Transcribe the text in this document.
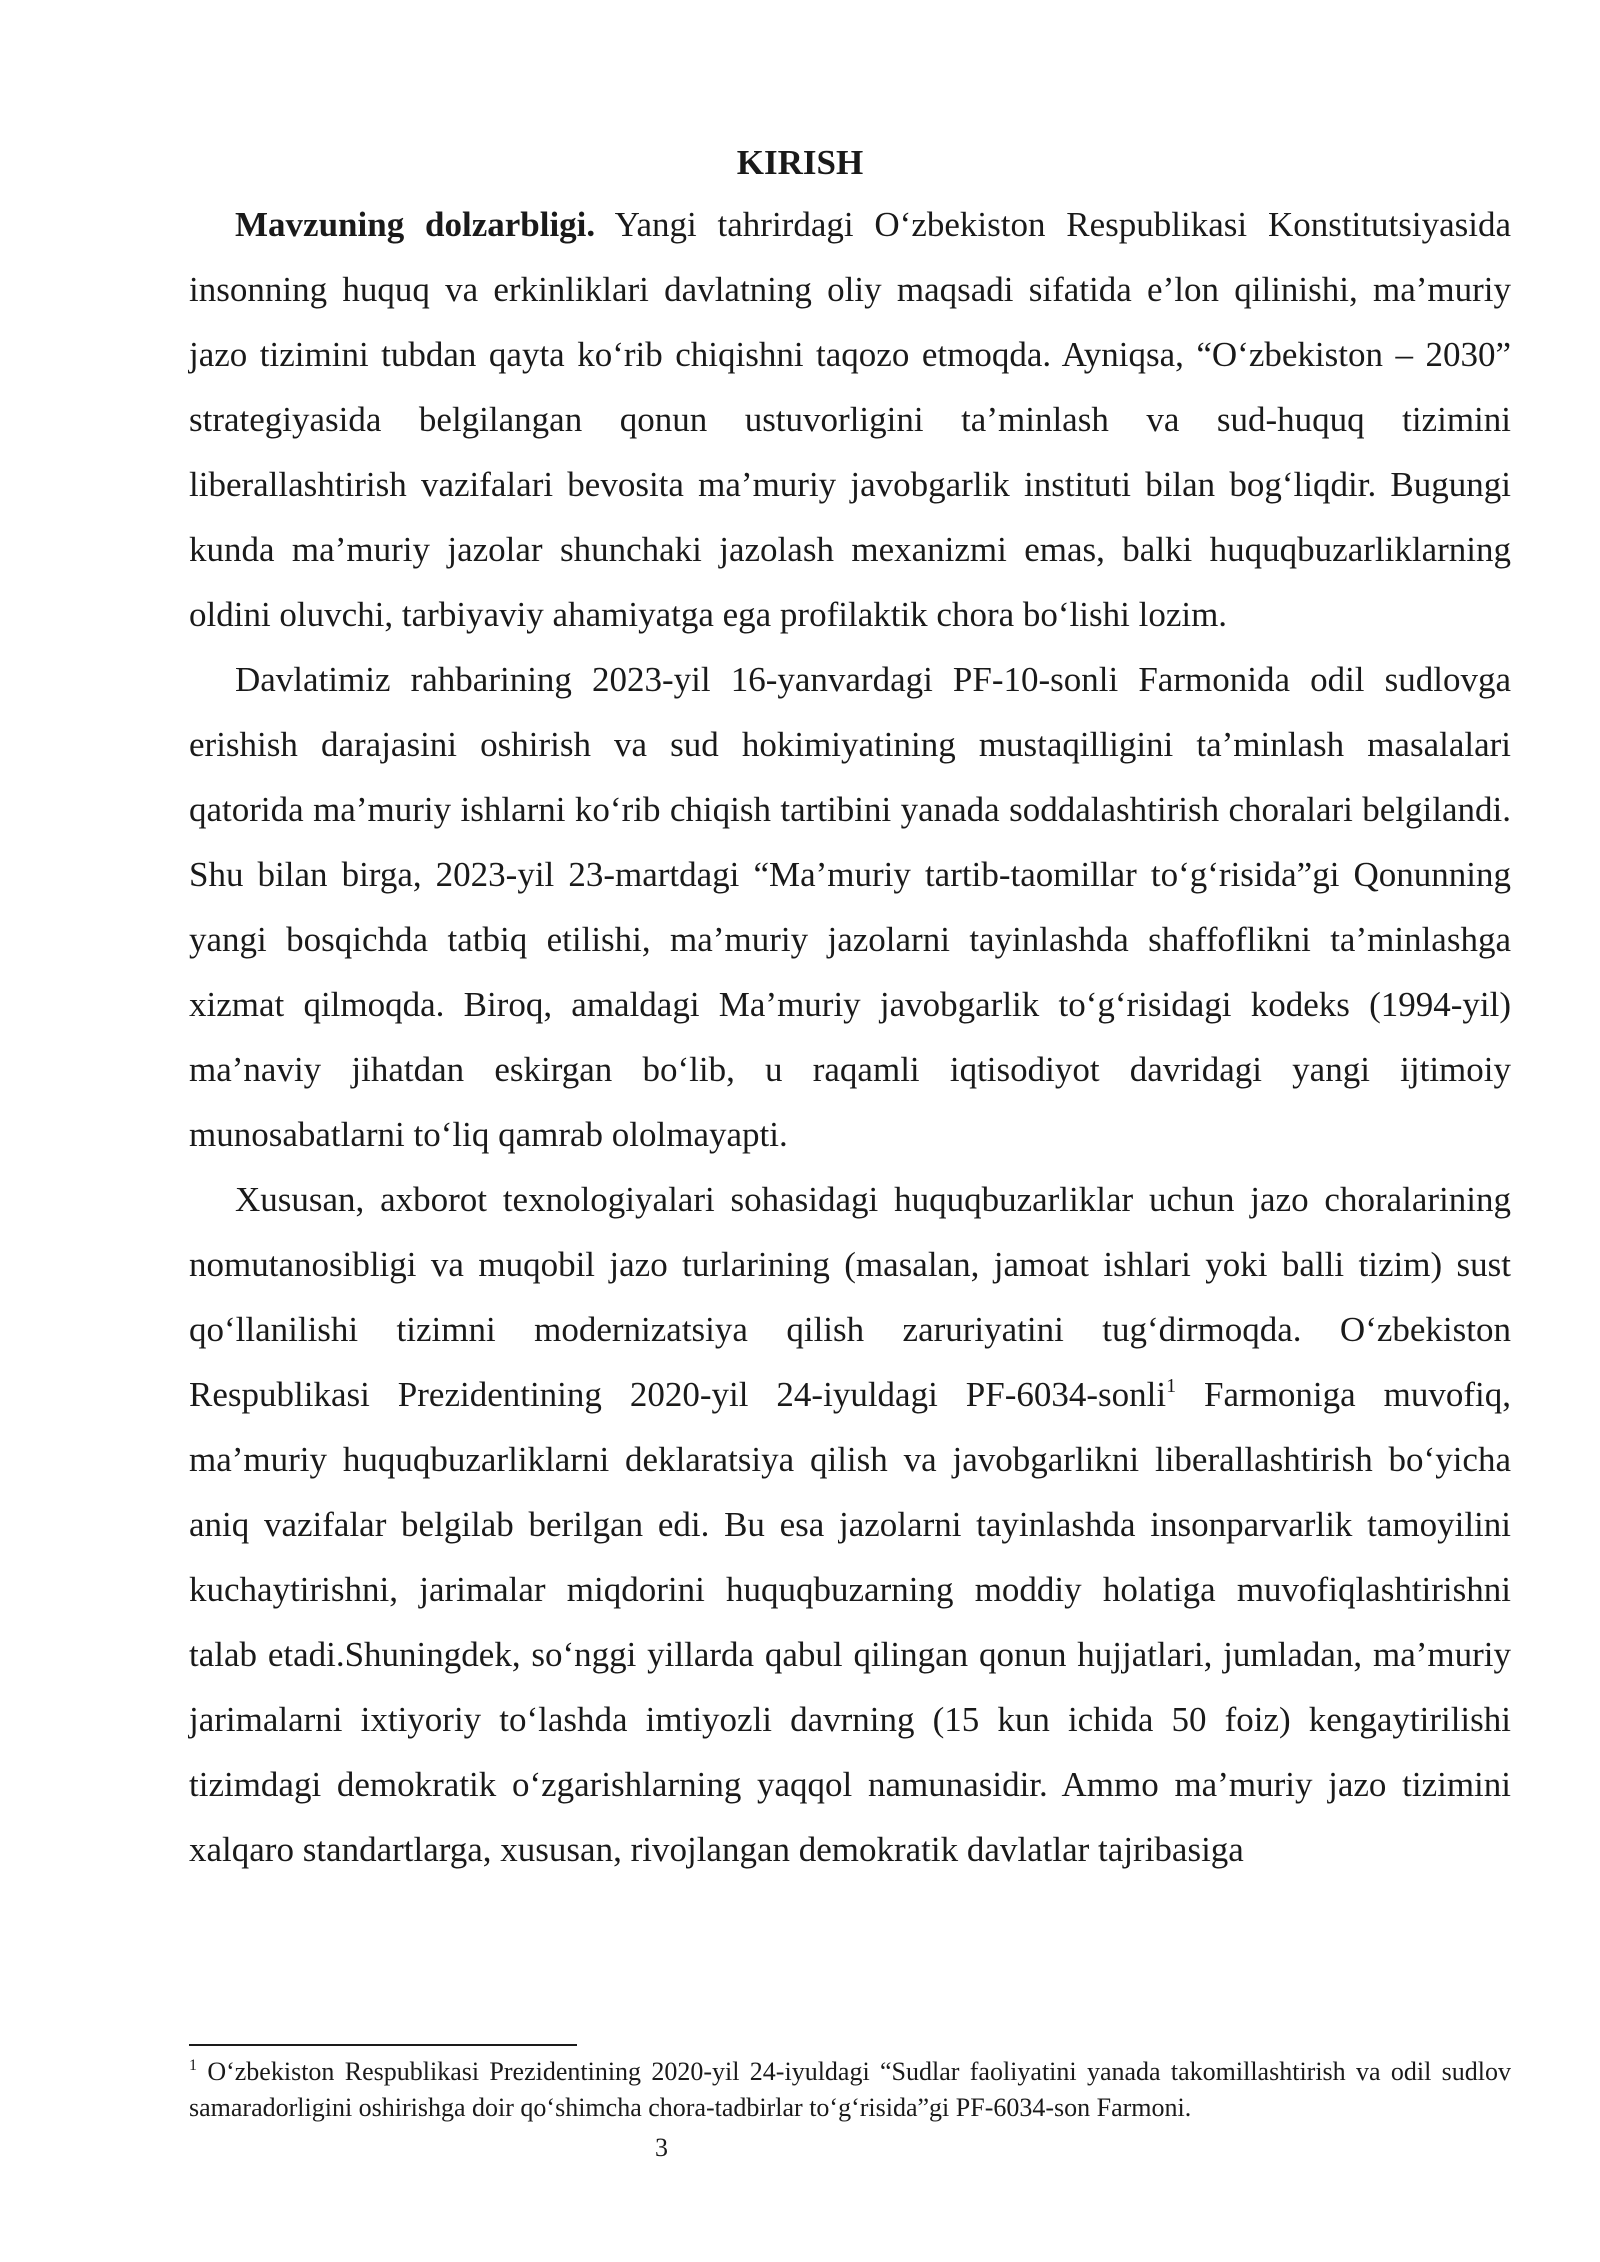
KIRISH

Mavzuning dolzarbligi. Yangi tahrirdagi O‘zbekiston Respublikasi Konstitutsiyasida insonning huquq va erkinliklari davlatning oliy maqsadi sifatida e’lon qilinishi, ma’muriy jazo tizimini tubdan qayta ko‘rib chiqishni taqozo etmoqda. Ayniqsa, “O‘zbekiston – 2030” strategiyasida belgilangan qonun ustuvorligini ta’minlash va sud-huquq tizimini liberallashtirish vazifalari bevosita ma’muriy javobgarlik instituti bilan bog‘liqdir. Bugungi kunda ma’muriy jazolar shunchaki jazolash mexanizmi emas, balki huquqbuzarliklarning oldini oluvchi, tarbiyaviy ahamiyatga ega profilaktik chora bo‘lishi lozim.

Davlatimiz rahbarining 2023-yil 16-yanvardagi PF-10-sonli Farmonida odil sudlovga erishish darajasini oshirish va sud hokimiyatining mustaqilligini ta’minlash masalalari qatorida ma’muriy ishlarni ko‘rib chiqish tartibini yanada soddalashtirish choralari belgilandi. Shu bilan birga, 2023-yil 23-martdagi “Ma’muriy tartib-taomillar to‘g‘risida”gi Qonunning yangi bosqichda tatbiq etilishi, ma’muriy jazolarni tayinlashda shaffoflikni ta’minlashga xizmat qilmoqda. Biroq, amaldagi Ma’muriy javobgarlik to‘g‘risidagi kodeks (1994-yil) ma’naviy jihatdan eskirgan bo‘lib, u raqamli iqtisodiyot davridagi yangi ijtimoiy munosabatlarni to‘liq qamrab ololmayapti.

Xususan, axborot texnologiyalari sohasidagi huquqbuzarliklar uchun jazo choralarining nomutanosibligi va muqobil jazo turlarining (masalan, jamoat ishlari yoki balli tizim) sust qo‘llanilishi tizimni modernizatsiya qilish zaruriyatini tug‘dirmoqda. O‘zbekiston Respublikasi Prezidentining 2020-yil 24-iyuldagi PF-6034-sonli$^1$ Farmoniga muvofiq, ma’muriy huquqbuzarliklarni deklaratsiya qilish va javobgarlikni liberallashtirish bo‘yicha aniq vazifalar belgilab berilgan edi. Bu esa jazolarni tayinlashda insonparvarlik tamoyilini kuchaytirishni, jarimalar miqdorini huquqbuzarning moddiy holatiga muvofiqlashtirishni talab etadi.Shuningdek, so‘nggi yillarda qabul qilingan qonun hujjatlari, jumladan, ma’muriy jarimalarni ixtiyoriy to‘lashda imtiyozli davrning (15 kun ichida 50 foiz) kengaytirilishi tizimdagi demokratik o‘zgarishlarning yaqqol namunasidir. Ammo ma’muriy jazo tizimini xalqaro standartlarga, xususan, rivojlangan demokratik davlatlar tajribasiga

$^1$ O‘zbekiston Respublikasi Prezidentining 2020-yil 24-iyuldagi “Sudlar faoliyatini yanada takomillashtirish va odil sudlov samaradorligini oshirishga doir qo‘shimcha chora-tadbirlar to‘g‘risida”gi PF-6034-son Farmoni.
3
